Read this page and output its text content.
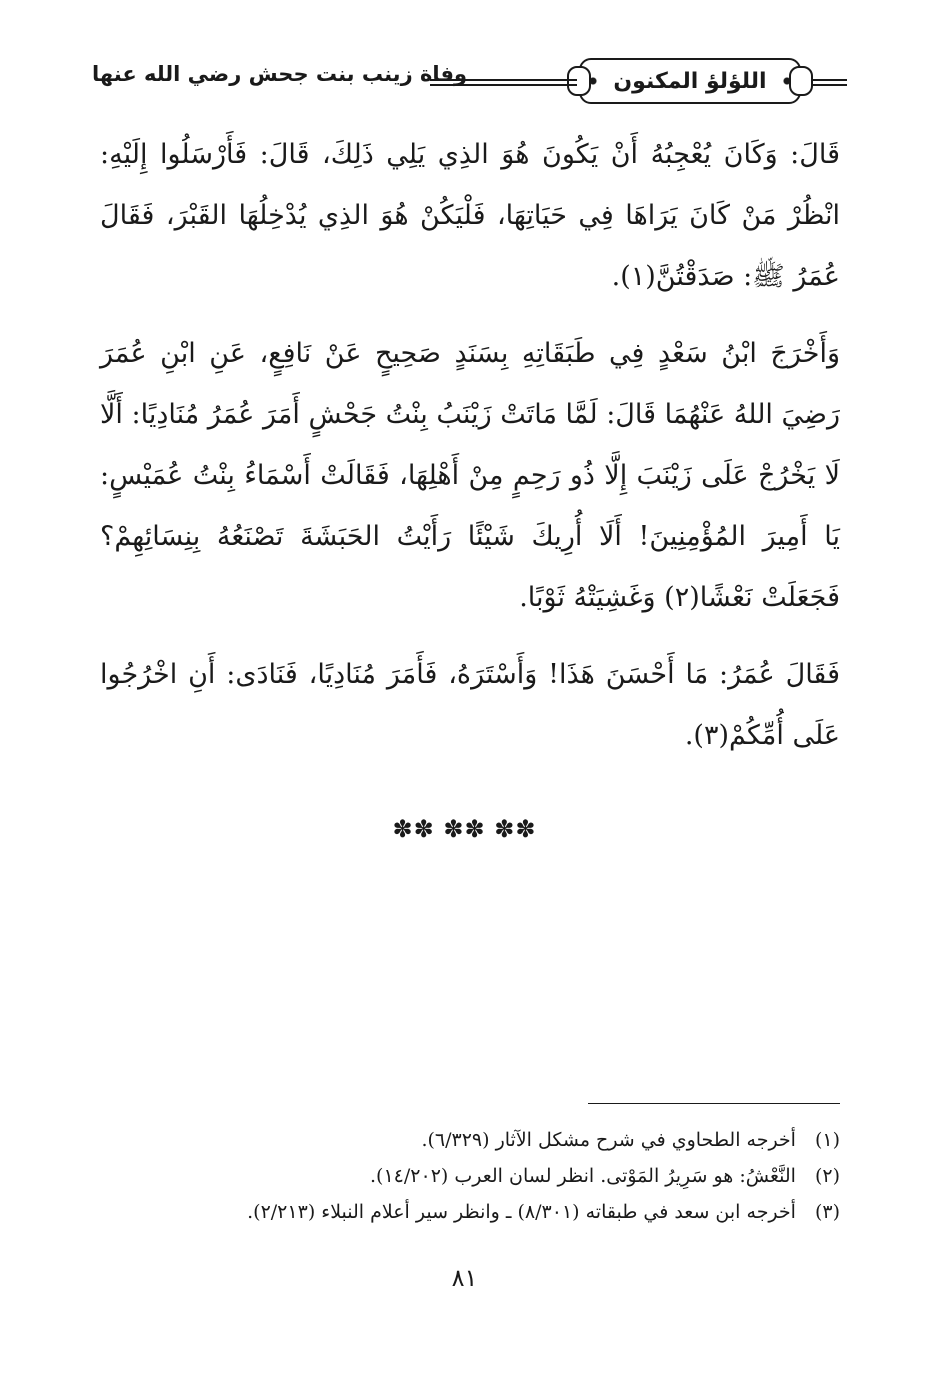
اللؤلؤ المكنون
وفاة زينب بنت جحش رضي الله عنها
قَالَ: وَكَانَ يُعْجِبُهُ أَنْ يَكُونَ هُوَ الذِي يَلِي ذَلِكَ، قَالَ: فَأَرْسَلُوا إِلَيْهِ: انْظُرْ مَنْ كَانَ يَرَاهَا فِي حَيَاتِهَا، فَلْيَكُنْ هُوَ الذِي يُدْخِلُهَا القَبْرَ، فَقَالَ عُمَرُ ﷺ: صَدَقْتُنَّ(١).
وَأَخْرَجَ ابْنُ سَعْدٍ فِي طَبَقَاتِهِ بِسَنَدٍ صَحِيحٍ عَنْ نَافِعٍ، عَنِ ابْنِ عُمَرَ رَضِيَ اللهُ عَنْهُمَا قَالَ: لَمَّا مَاتَتْ زَيْنَبُ بِنْتُ جَحْشٍ أَمَرَ عُمَرُ مُنَادِيًا: أَلَّا لَا يَخْرُجْ عَلَى زَيْنَبَ إِلَّا ذُو رَحِمٍ مِنْ أَهْلِهَا، فَقَالَتْ أَسْمَاءُ بِنْتُ عُمَيْسٍ: يَا أَمِيرَ المُؤْمِنِينَ! أَلَا أُرِيكَ شَيْئًا رَأَيْتُ الحَبَشَةَ تَصْنَعُهُ بِنِسَائِهِمْ؟ فَجَعَلَتْ نَعْشًا(٢) وَغَشِيَتْهُ ثَوْبًا.
فَقَالَ عُمَرُ: مَا أَحْسَنَ هَذَا! وَأَسْتَرَهُ، فَأَمَرَ مُنَادِيًا، فَنَادَى: أَنِ اخْرُجُوا عَلَى أُمِّكُمْ(٣).
✽✽ ✽✽ ✽✽
(١) أخرجه الطحاوي في شرح مشكل الآثار (٦/٣٢٩).
(٢) النَّعْشُ: هو سَرِيرُ المَوْتى. انظر لسان العرب (١٤/٢٠٢).
(٣) أخرجه ابن سعد في طبقاته (٨/٣٠١) ـ وانظر سير أعلام النبلاء (٢/٢١٣).
٨١
